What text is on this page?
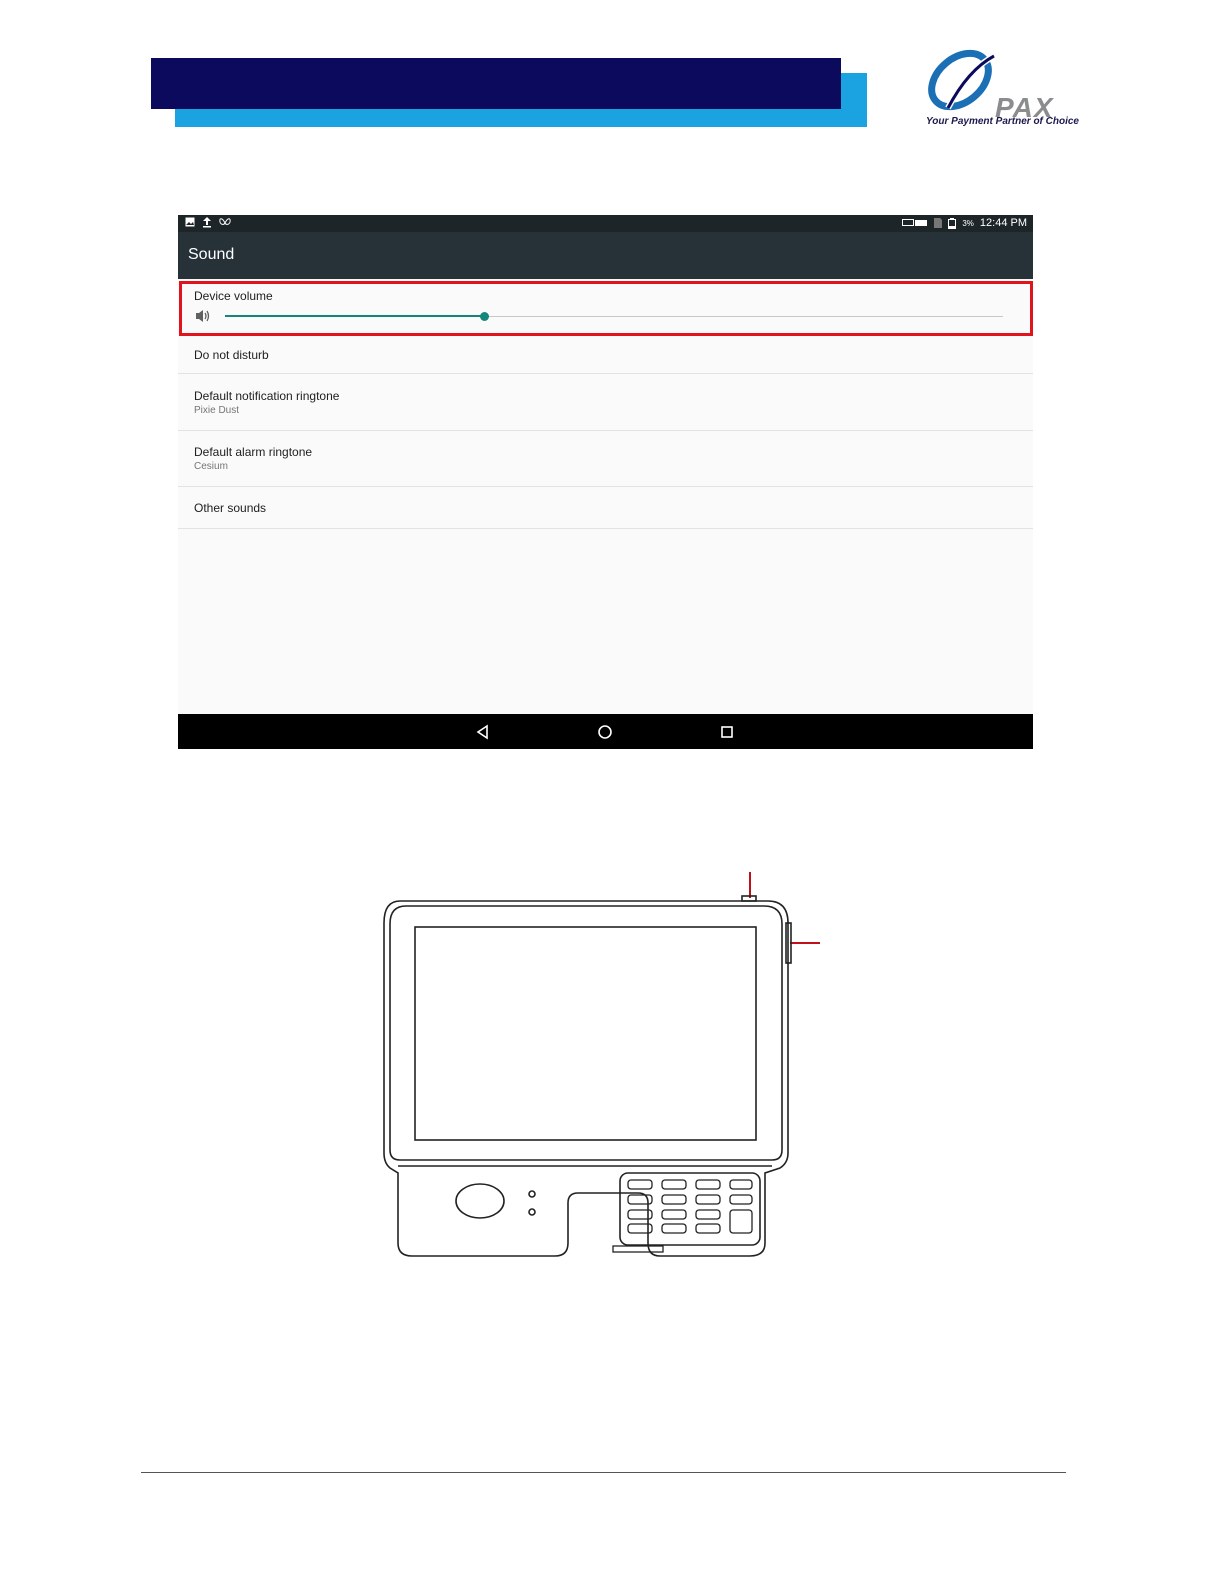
PAX
Your Payment Partner of Choice
3% 12:44 PM
Sound
Device volume
Do not disturb
Default notification ringtone
Pixie Dust
Default alarm ringtone
Cesium
Other sounds
